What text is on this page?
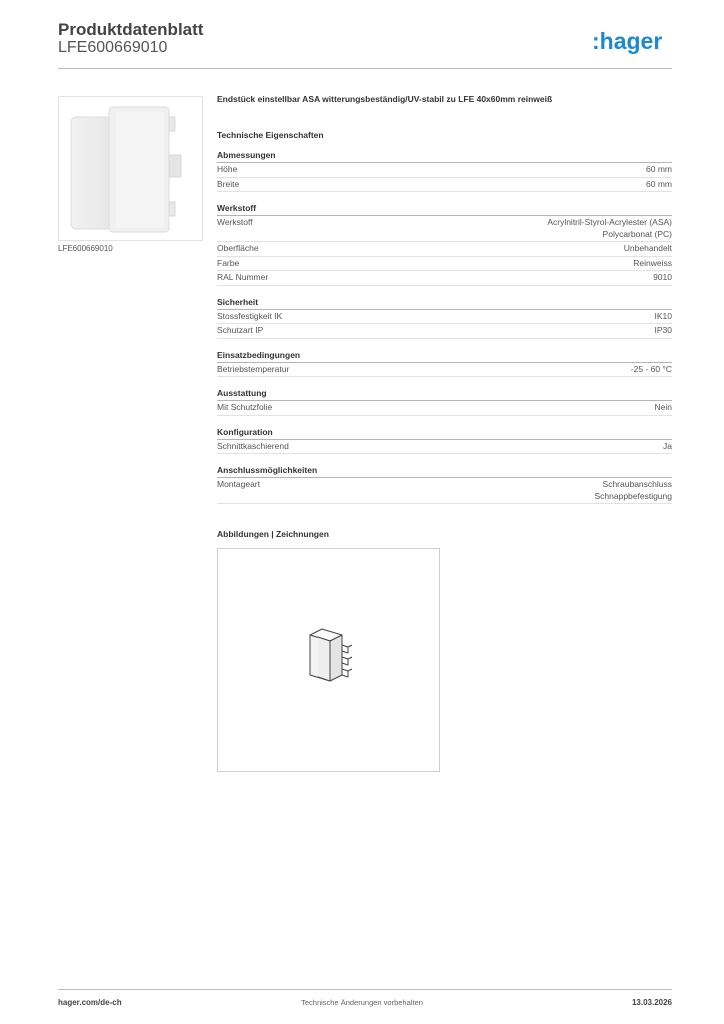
Produktdatenblatt
LFE600669010	:hager
LFE600669010
Endstück einstellbar ASA witterungsbeständig/UV-stabil zu LFE 40x60mm reinweiß
Technische Eigenschaften
Abmessungen
Höhe	60 mm
Breite	60 mm
Werkstoff
Werkstoff	Acrylnitril-Styrol-Acrylester (ASA)
Polycarbonat (PC)
Oberfläche	Unbehandelt
Farbe	Reinweiss
RAL Nummer	9010
Sicherheit
Stossfestigkeit IK	IK10
Schutzart IP	IP30
Einsatzbedingungen
Betriebstemperatur	-25 - 60 °C
Ausstattung
Mit Schutzfolie	Nein
Konfiguration
Schnittkaschierend	Ja
Anschlussmöglichkeiten
Montageart	Schraubanschluss
Schnappbefestigung
Abbildungen | Zeichnungen
hager.com/de-ch	Technische Änderungen vorbehalten	13.03.2026
